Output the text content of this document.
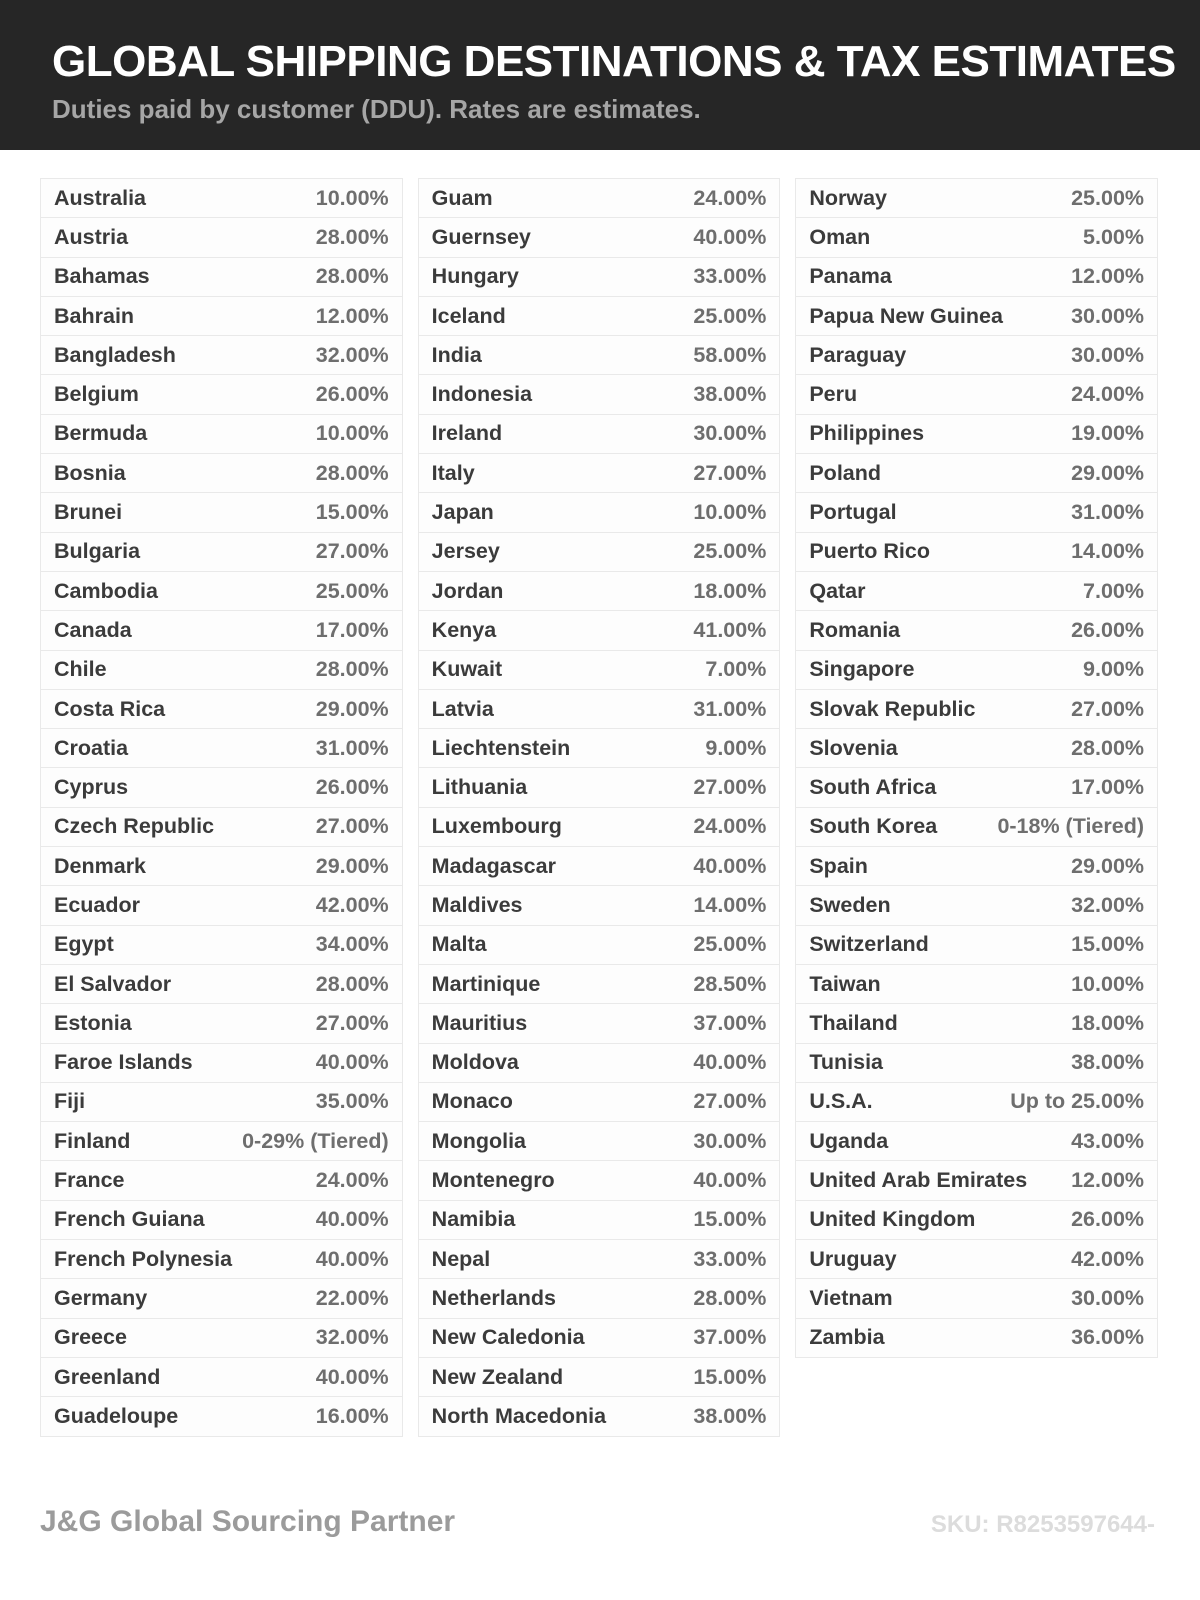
GLOBAL SHIPPING DESTINATIONS & TAX ESTIMATES
Duties paid by customer (DDU). Rates are estimates.
Australia	10.00%
Austria	28.00%
Bahamas	28.00%
Bahrain	12.00%
Bangladesh	32.00%
Belgium	26.00%
Bermuda	10.00%
Bosnia	28.00%
Brunei	15.00%
Bulgaria	27.00%
Cambodia	25.00%
Canada	17.00%
Chile	28.00%
Costa Rica	29.00%
Croatia	31.00%
Cyprus	26.00%
Czech Republic	27.00%
Denmark	29.00%
Ecuador	42.00%
Egypt	34.00%
El Salvador	28.00%
Estonia	27.00%
Faroe Islands	40.00%
Fiji	35.00%
Finland	0-29% (Tiered)
France	24.00%
French Guiana	40.00%
French Polynesia	40.00%
Germany	22.00%
Greece	32.00%
Greenland	40.00%
Guadeloupe	16.00%
Guam	24.00%
Guernsey	40.00%
Hungary	33.00%
Iceland	25.00%
India	58.00%
Indonesia	38.00%
Ireland	30.00%
Italy	27.00%
Japan	10.00%
Jersey	25.00%
Jordan	18.00%
Kenya	41.00%
Kuwait	7.00%
Latvia	31.00%
Liechtenstein	9.00%
Lithuania	27.00%
Luxembourg	24.00%
Madagascar	40.00%
Maldives	14.00%
Malta	25.00%
Martinique	28.50%
Mauritius	37.00%
Moldova	40.00%
Monaco	27.00%
Mongolia	30.00%
Montenegro	40.00%
Namibia	15.00%
Nepal	33.00%
Netherlands	28.00%
New Caledonia	37.00%
New Zealand	15.00%
North Macedonia	38.00%
Norway	25.00%
Oman	5.00%
Panama	12.00%
Papua New Guinea	30.00%
Paraguay	30.00%
Peru	24.00%
Philippines	19.00%
Poland	29.00%
Portugal	31.00%
Puerto Rico	14.00%
Qatar	7.00%
Romania	26.00%
Singapore	9.00%
Slovak Republic	27.00%
Slovenia	28.00%
South Africa	17.00%
South Korea	0-18% (Tiered)
Spain	29.00%
Sweden	32.00%
Switzerland	15.00%
Taiwan	10.00%
Thailand	18.00%
Tunisia	38.00%
U.S.A.	Up to 25.00%
Uganda	43.00%
United Arab Emirates 12.00%
United Kingdom	26.00%
Uruguay	42.00%
Vietnam	30.00%
Zambia	36.00%
J&G Global Sourcing Partner	SKU: R8253597644-
